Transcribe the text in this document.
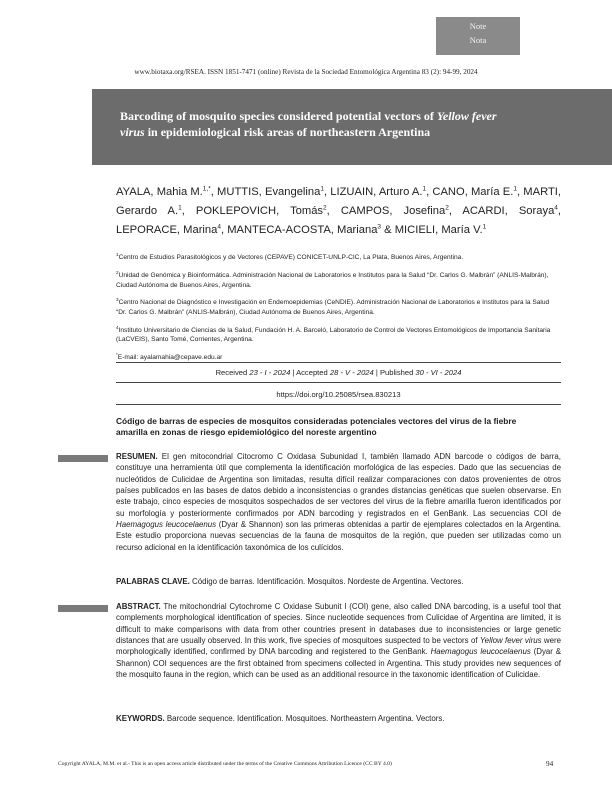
Note
Nota
www.biotaxa.org/RSEA. ISSN 1851-7471 (online) Revista de la Sociedad Entomológica Argentina 83 (2): 94-99, 2024
Barcoding of mosquito species considered potential vectors of Yellow fever virus in epidemiological risk areas of northeastern Argentina
AYALA, Mahia M.$^{1,*}$, MUTTIS, Evangelina$^1$, LIZUAIN, Arturo A.$^1$, CANO, María E.$^1$, MARTI, Gerardo A.$^1$, POKLEPOVICH, Tomás$^2$, CAMPOS, Josefina$^2$, ACARDI, Soraya$^4$, LEPORACE, Marina$^4$, MANTECA-ACOSTA, Mariana$^3$ & MICIELI, María V.$^1$
$^1$Centro de Estudios Parasitológicos y de Vectores (CEPAVE) CONICET-UNLP-CIC, La Plata, Buenos Aires, Argentina.
$^2$Unidad de Genómica y Bioinformática. Administración Nacional de Laboratorios e Institutos para la Salud “Dr. Carlos G. Malbrán” (ANLIS-Malbrán), Ciudad Autónoma de Buenos Aires, Argentina.
$^3$Centro Nacional de Diagnóstico e Investigación en Endemoepidemias (CeNDIE). Administración Nacional de Laboratorios e Institutos para la Salud “Dr. Carlos G. Malbrán” (ANLIS-Malbrán), Ciudad Autónoma de Buenos Aires, Argentina.
$^4$Instituto Universitario de Ciencias de la Salud, Fundación H. A. Barceló, Laboratorio de Control de Vectores Entomológicos de Importancia Sanitaria (LaCVEIS), Santo Tomé, Corrientes, Argentina.
*E-mail: ayalamahia@cepave.edu.ar
Received 23 - I - 2024 | Accepted 28 - V - 2024 | Published 30 - VI - 2024
https://doi.org/10.25085/rsea.830213
Código de barras de especies de mosquitos consideradas potenciales vectores del virus de la fiebre amarilla en zonas de riesgo epidemiológico del noreste argentino
RESUMEN. El gen mitocondrial Citocromo C Oxidasa Subunidad I, también llamado ADN barcode o códigos de barra, constituye una herramienta útil que complementa la identificación morfológica de las especies. Dado que las secuencias de nucleótidos de Culicidae de Argentina son limitadas, resulta difícil realizar comparaciones con datos provenientes de otros países publicados en las bases de datos debido a inconsistencias o grandes distancias genéticas que suelen observarse. En este trabajo, cinco especies de mosquitos sospechados de ser vectores del virus de la fiebre amarilla fueron identificados por su morfología y posteriormente confirmados por ADN barcoding y registrados en el GenBank. Las secuencias COI de Haemagogus leucocelaenus (Dyar & Shannon) son las primeras obtenidas a partir de ejemplares colectados en la Argentina. Este estudio proporciona nuevas secuencias de la fauna de mosquitos de la región, que pueden ser utilizadas como un recurso adicional en la identificación taxonómica de los culícidos.
PALABRAS CLAVE. Código de barras. Identificación. Mosquitos. Nordeste de Argentina. Vectores.
ABSTRACT. The mitochondrial Cytochrome C Oxidase Subunit I (COI) gene, also called DNA barcoding, is a useful tool that complements morphological identification of species. Since nucleotide sequences from Culicidae of Argentina are limited, it is difficult to make comparisons with data from other countries present in databases due to inconsistencies or large genetic distances that are usually observed. In this work, five species of mosquitoes suspected to be vectors of Yellow fever virus were morphologically identified, confirmed by DNA barcoding and registered to the GenBank. Haemagogus leucocelaenus (Dyar & Shannon) COI sequences are the first obtained from specimens collected in Argentina. This study provides new sequences of the mosquito fauna in the region, which can be used as an additional resource in the taxonomic identification of Culicidae.
KEYWORDS. Barcode sequence. Identification. Mosquitoes. Northeastern Argentina. Vectors.
Copyright AYALA, M.M. et al.- This is an open access article distributed under the terms of the Creative Commons Attribution Licence (CC BY 4.0)	94
